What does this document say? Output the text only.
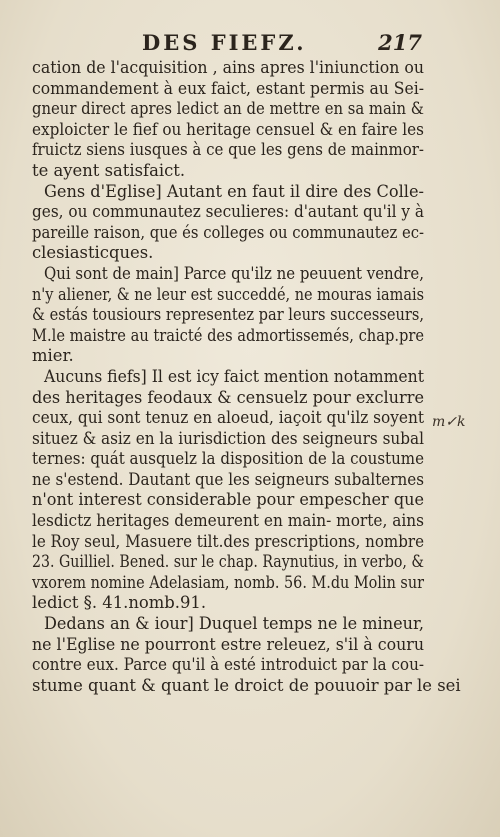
DES FIEFZ.	217
cation de l'acquisition , ains apres l'iniunction ou
commandement à eux faict, estant permis au Sei-
gneur direct apres ledict an de mettre en sa main &
exploicter le fief ou heritage censuel & en faire les
fruictz siens iusques à ce que les gens de mainmor-
te ayent satisfaict.
Gens d'Eglise] Autant en faut il dire des Colle-
ges, ou communautez seculieres: d'autant qu'il y à
pareille raison, que és colleges ou communautez ec-
clesiasticques.
Qui sont de main] Parce qu'ilz ne peuuent vendre,
n'y aliener, & ne leur est succeddé, ne mouras iamais
& estás tousiours representez par leurs successeurs,
M.le maistre au traicté des admortissemés, chap.pre
mier.
Aucuns fiefs] Il est icy faict mention notamment
des heritages feodaux & censuelz pour exclurre
ceux, qui sont tenuz en aloeud, iaçoit qu'ilz soyent
situez & asiz en la iurisdiction des seigneurs subal
ternes: quát ausquelz la disposition de la coustume
ne s'estend. Dautant que les seigneurs subalternes
n'ont interest considerable pour empescher que
lesdictz heritages demeurent en main- morte, ains
le Roy seul, Masuere tilt.des prescriptions, nombre
23. Guilliel. Bened. sur le chap. Raynutius, in verbo, &
vxorem nomine Adelasiam, nomb. 56. M.du Molin sur
ledict §. 41.nomb.91.
Dedans an & iour] Duquel temps ne le mineur,
ne l'Eglise ne pourront estre releuez, s'il à couru
contre eux. Parce qu'il à esté introduict par la cou-
stume quant & quant le droict de pouuoir par le sei
m✓k
